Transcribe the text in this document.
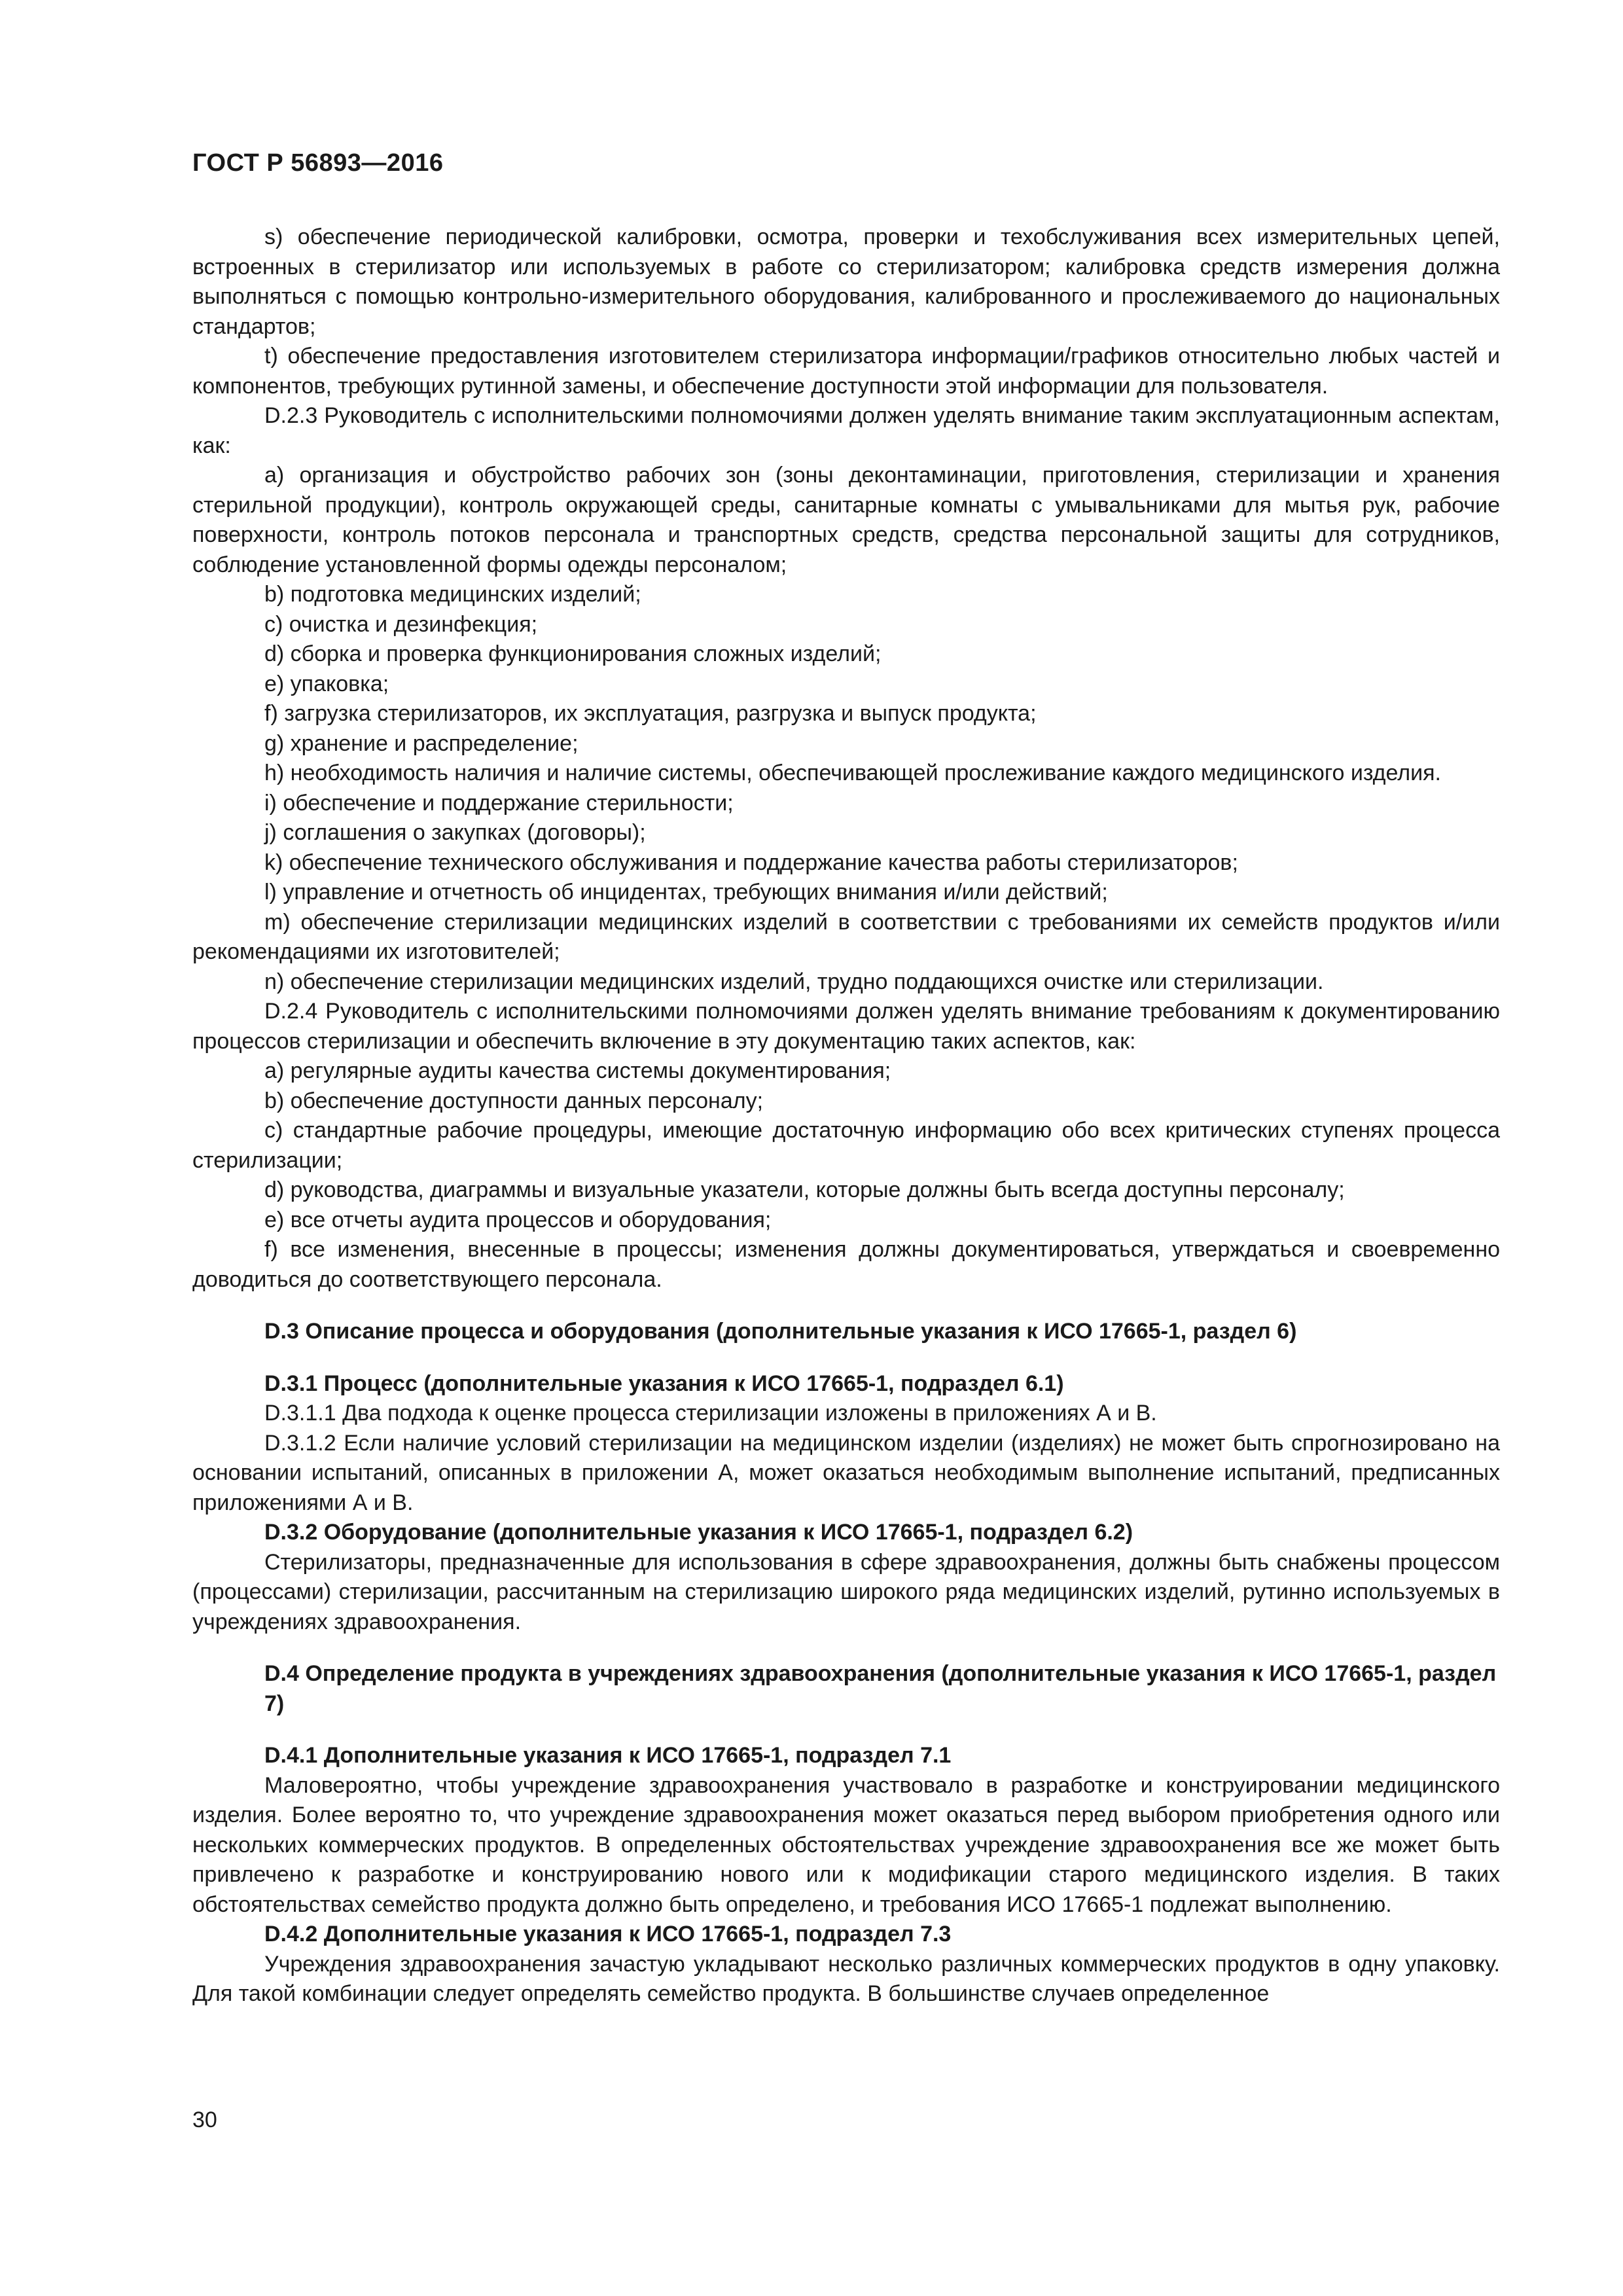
ГОСТ Р 56893—2016

s) обеспечение периодической калибровки, осмотра, проверки и техобслуживания всех измерительных цепей, встроенных в стерилизатор или используемых в работе со стерилизатором; калибровка средств измерения должна выполняться с помощью контрольно-измерительного оборудования, калиброванного и прослеживаемого до национальных стандартов;

t) обеспечение предоставления изготовителем стерилизатора информации/графиков относительно любых частей и компонентов, требующих рутинной замены, и обеспечение доступности этой информации для пользователя.

D.2.3 Руководитель с исполнительскими полномочиями должен уделять внимание таким эксплуатационным аспектам, как:

a) организация и обустройство рабочих зон (зоны деконтаминации, приготовления, стерилизации и хранения стерильной продукции), контроль окружающей среды, санитарные комнаты с умывальниками для мытья рук, рабочие поверхности, контроль потоков персонала и транспортных средств, средства персональной защиты для сотрудников, соблюдение установленной формы одежды персоналом;

b) подготовка медицинских изделий;

c) очистка и дезинфекция;

d) сборка и проверка функционирования сложных изделий;

e) упаковка;

f) загрузка стерилизаторов, их эксплуатация, разгрузка и выпуск продукта;

g) хранение и распределение;

h) необходимость наличия и наличие системы, обеспечивающей прослеживание каждого медицинского изделия.

i) обеспечение и поддержание стерильности;

j) соглашения о закупках (договоры);

k) обеспечение технического обслуживания и поддержание качества работы стерилизаторов;

l) управление и отчетность об инцидентах, требующих внимания и/или действий;

m) обеспечение стерилизации медицинских изделий в соответствии с требованиями их семейств продуктов и/или рекомендациями их изготовителей;

n) обеспечение стерилизации медицинских изделий, трудно поддающихся очистке или стерилизации.

D.2.4 Руководитель с исполнительскими полномочиями должен уделять внимание требованиям к документированию процессов стерилизации и обеспечить включение в эту документацию таких аспектов, как:

a) регулярные аудиты качества системы документирования;

b) обеспечение доступности данных персоналу;

c) стандартные рабочие процедуры, имеющие достаточную информацию обо всех критических ступенях процесса стерилизации;

d) руководства, диаграммы и визуальные указатели, которые должны быть всегда доступны персоналу;

e) все отчеты аудита процессов и оборудования;

f) все изменения, внесенные в процессы; изменения должны документироваться, утверждаться и своевременно доводиться до соответствующего персонала.

D.3 Описание процесса и оборудования (дополнительные указания к ИСО 17665-1, раздел 6)

D.3.1 Процесс (дополнительные указания к ИСО 17665-1, подраздел 6.1)

D.3.1.1 Два подхода к оценке процесса стерилизации изложены в приложениях А и В.

D.3.1.2 Если наличие условий стерилизации на медицинском изделии (изделиях) не может быть спрогнозировано на основании испытаний, описанных в приложении А, может оказаться необходимым выполнение испытаний, предписанных приложениями А и В.

D.3.2 Оборудование (дополнительные указания к ИСО 17665-1, подраздел 6.2)

Стерилизаторы, предназначенные для использования в сфере здравоохранения, должны быть снабжены процессом (процессами) стерилизации, рассчитанным на стерилизацию широкого ряда медицинских изделий, рутинно используемых в учреждениях здравоохранения.

D.4 Определение продукта в учреждениях здравоохранения (дополнительные указания к ИСО 17665-1, раздел 7)

D.4.1 Дополнительные указания к ИСО 17665-1, подраздел 7.1

Маловероятно, чтобы учреждение здравоохранения участвовало в разработке и конструировании медицинского изделия. Более вероятно то, что учреждение здравоохранения может оказаться перед выбором приобретения одного или нескольких коммерческих продуктов. В определенных обстоятельствах учреждение здравоохранения все же может быть привлечено к разработке и конструированию нового или к модификации старого медицинского изделия. В таких обстоятельствах семейство продукта должно быть определено, и требования ИСО 17665-1 подлежат выполнению.

D.4.2 Дополнительные указания к ИСО 17665-1, подраздел 7.3

Учреждения здравоохранения зачастую укладывают несколько различных коммерческих продуктов в одну упаковку. Для такой комбинации следует определять семейство продукта. В большинстве случаев определенное

30
